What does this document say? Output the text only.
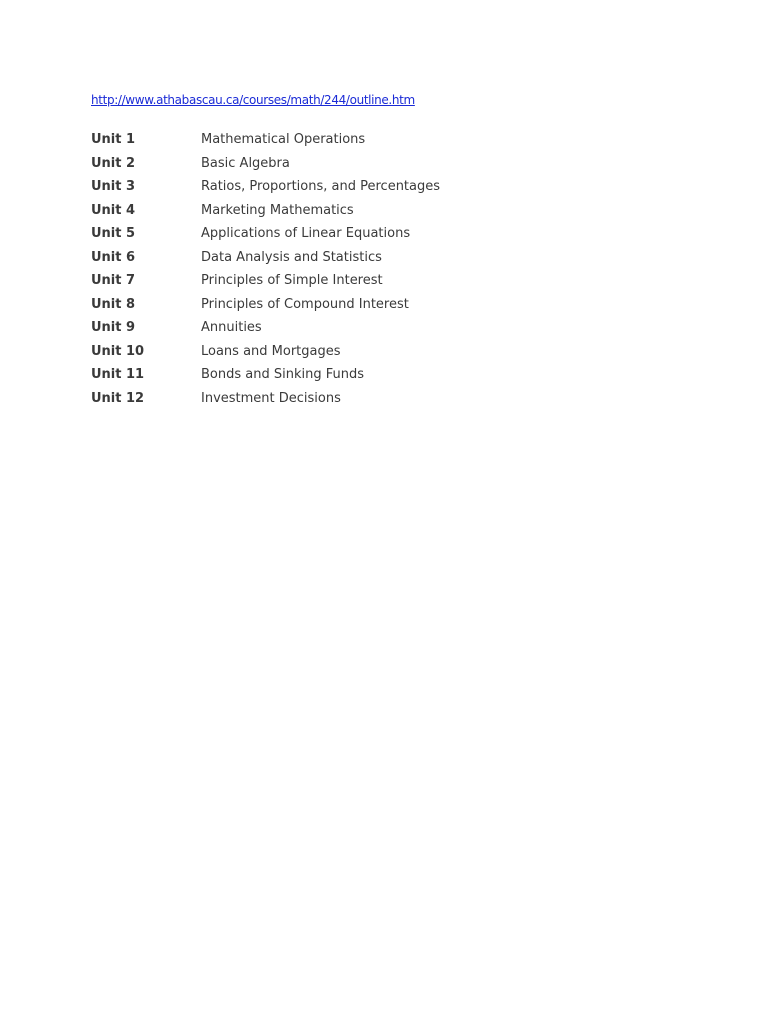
http://www.athabascau.ca/courses/math/244/outline.htm
Unit 1	Mathematical Operations
Unit 2	Basic Algebra
Unit 3	Ratios, Proportions, and Percentages
Unit 4	Marketing Mathematics
Unit 5	Applications of Linear Equations
Unit 6	Data Analysis and Statistics
Unit 7	Principles of Simple Interest
Unit 8	Principles of Compound Interest
Unit 9	Annuities
Unit 10	Loans and Mortgages
Unit 11	Bonds and Sinking Funds
Unit 12	Investment Decisions
